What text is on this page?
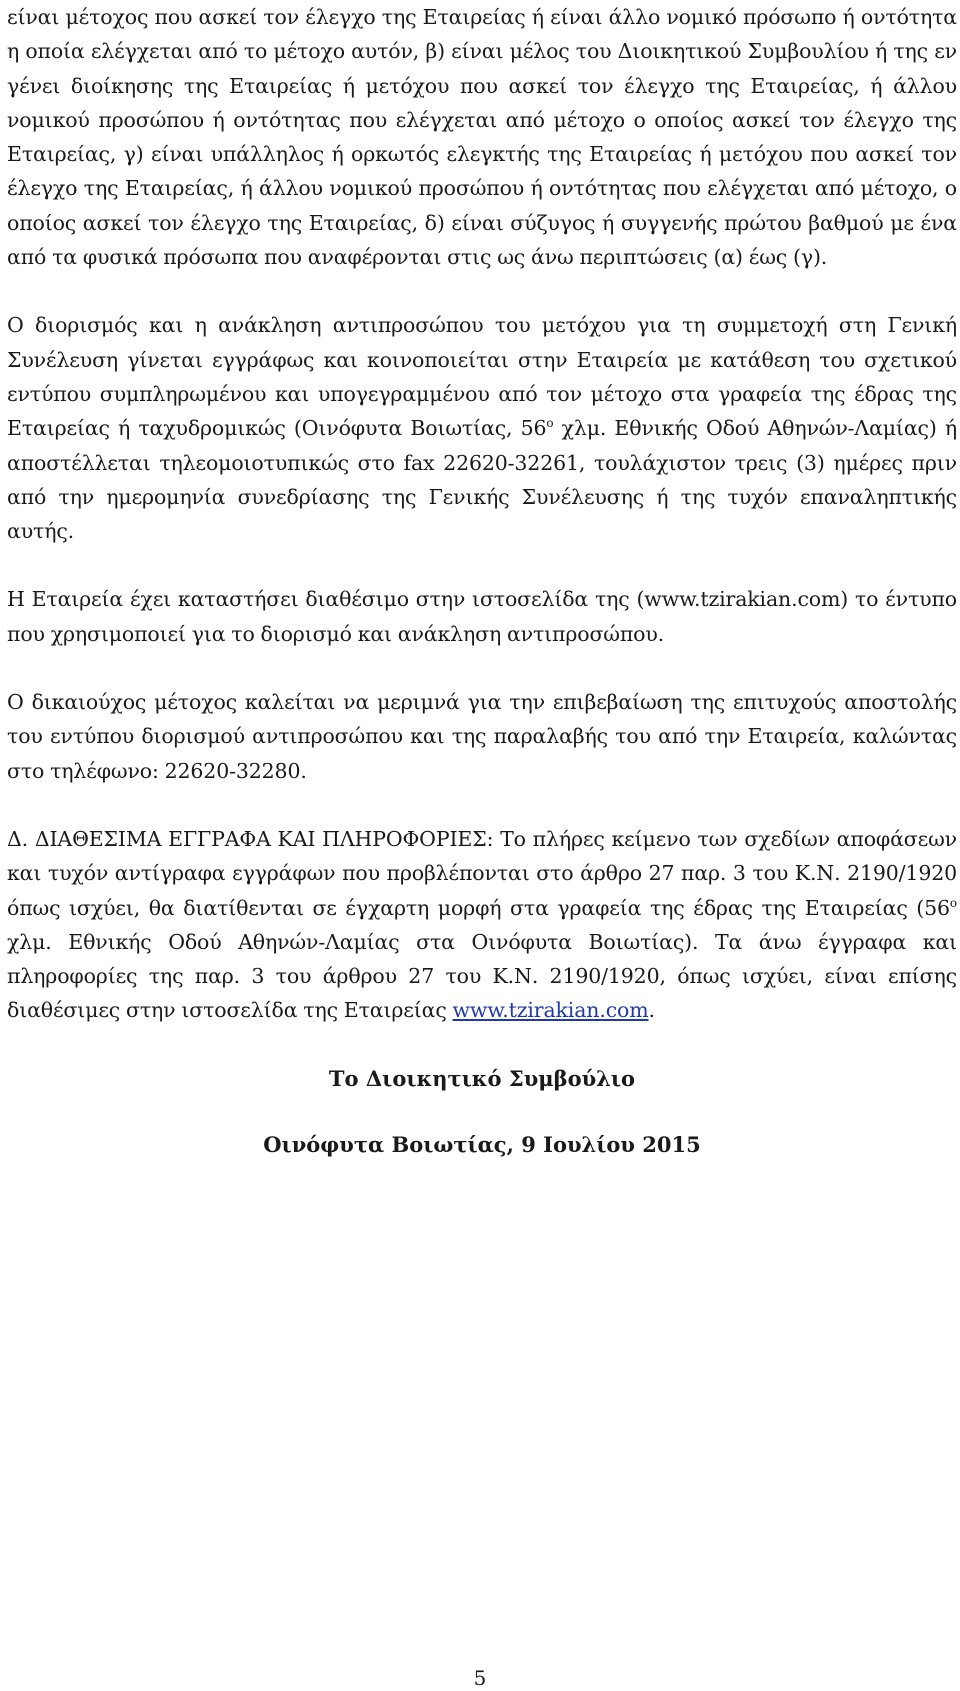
είναι μέτοχος που ασκεί τον έλεγχο της Εταιρείας ή είναι άλλο νομικό πρόσωπο ή οντότητα η οποία ελέγχεται από το μέτοχο αυτόν, β) είναι μέλος του Διοικητικού Συμβουλίου ή της εν γένει διοίκησης της Εταιρείας ή μετόχου που ασκεί τον έλεγχο της Εταιρείας, ή άλλου νομικού προσώπου ή οντότητας που ελέγχεται από μέτοχο ο οποίος ασκεί τον έλεγχο της Εταιρείας, γ) είναι υπάλληλος ή ορκωτός ελεγκτής της Εταιρείας ή μετόχου που ασκεί τον έλεγχο της Εταιρείας, ή άλλου νομικού προσώπου ή οντότητας που ελέγχεται από μέτοχο, ο οποίος ασκεί τον έλεγχο της Εταιρείας, δ) είναι σύζυγος ή συγγενής πρώτου βαθμού με ένα από τα φυσικά πρόσωπα που αναφέρονται στις ως άνω περιπτώσεις (α) έως (γ).

Ο διορισμός και η ανάκληση αντιπροσώπου του μετόχου για τη συμμετοχή στη Γενική Συνέλευση γίνεται εγγράφως και κοινοποιείται στην Εταιρεία με κατάθεση του σχετικού εντύπου συμπληρωμένου και υπογεγραμμένου από τον μέτοχο στα γραφεία της έδρας της Εταιρείας ή ταχυδρομικώς (Οινόφυτα Βοιωτίας, $56^o$ χλμ. Εθνικής Οδού Αθηνών-Λαμίας) ή αποστέλλεται τηλεομοιοτυπικώς στο fax 22620-32261, τουλάχιστον τρεις (3) ημέρες πριν από την ημερομηνία συνεδρίασης της Γενικής Συνέλευσης ή της τυχόν επαναληπτικής αυτής.

Η Εταιρεία έχει καταστήσει διαθέσιμο στην ιστοσελίδα της (www.tzirakian.com) το έντυπο που χρησιμοποιεί για το διορισμό και ανάκληση αντιπροσώπου.

Ο δικαιούχος μέτοχος καλείται να μεριμνά για την επιβεβαίωση της επιτυχούς αποστολής του εντύπου διορισμού αντιπροσώπου και της παραλαβής του από την Εταιρεία, καλώντας στο τηλέφωνο: 22620-32280.

Δ. ΔΙΑΘΕΣΙΜΑ ΕΓΓΡΑΦΑ ΚΑΙ ΠΛΗΡΟΦΟΡΙΕΣ: Το πλήρες κείμενο των σχεδίων αποφάσεων και τυχόν αντίγραφα εγγράφων που προβλέπονται στο άρθρο 27 παρ. 3 του Κ.Ν. 2190/1920 όπως ισχύει, θα διατίθενται σε έγχαρτη μορφή στα γραφεία της έδρας της Εταιρείας ($56^o$ χλμ. Εθνικής Οδού Αθηνών-Λαμίας στα Οινόφυτα Βοιωτίας). Τα άνω έγγραφα και πληροφορίες της παρ. 3 του άρθρου 27 του Κ.Ν. 2190/1920, όπως ισχύει, είναι επίσης διαθέσιμες στην ιστοσελίδα της Εταιρείας www.tzirakian.com.

Το Διοικητικό Συμβούλιο

Οινόφυτα Βοιωτίας, 9 Ιουλίου 2015

5
